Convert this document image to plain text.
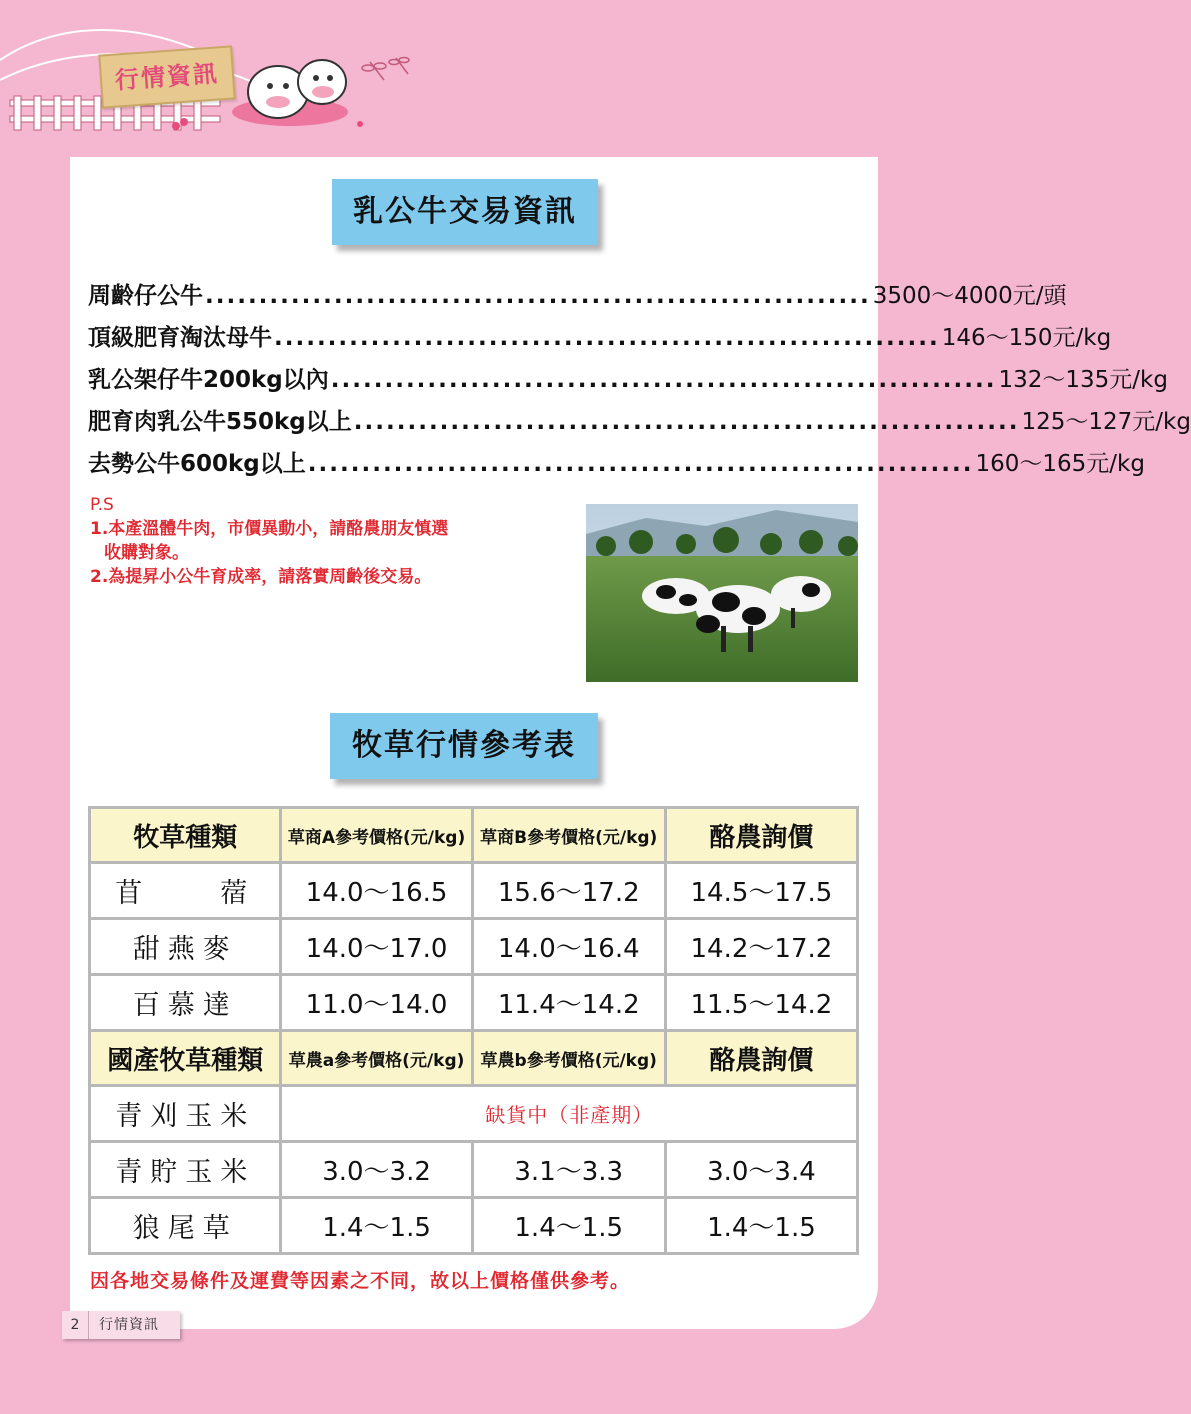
行情資訊
乳公牛交易資訊
周齡仔公牛 .............................................................. 3500～4000元/頭
頂級肥育淘汰母牛 .............................................................. 146～150元/kg
乳公架仔牛200kg以內 .............................................................. 132～135元/kg
肥育肉乳公牛550kg以上 .............................................................. 125～127元/kg
去勢公牛600kg以上 .............................................................. 160～165元/kg
P.S
1.本產溫體牛肉，市價異動小，請酪農朋友慎選
收購對象。
2.為提昇小公牛育成率，請落實周齡後交易。
牧草行情參考表
牧草種類	草商A參考價格(元/kg)	草商B參考價格(元/kg)	酪農詢價
苜　　蓿	14.0～16.5	15.6～17.2	14.5～17.5
甜燕麥	14.0～17.0	14.0～16.4	14.2～17.2
百慕達	11.0～14.0	11.4～14.2	11.5～14.2
國產牧草種類	草農a參考價格(元/kg)	草農b參考價格(元/kg)	酪農詢價
青刈玉米	缺貨中（非產期）		
青貯玉米	3.0～3.2	3.1～3.3	3.0～3.4
狼尾草	1.4～1.5	1.4～1.5	1.4～1.5
因各地交易條件及運費等因素之不同，故以上價格僅供參考。
2 行情資訊
